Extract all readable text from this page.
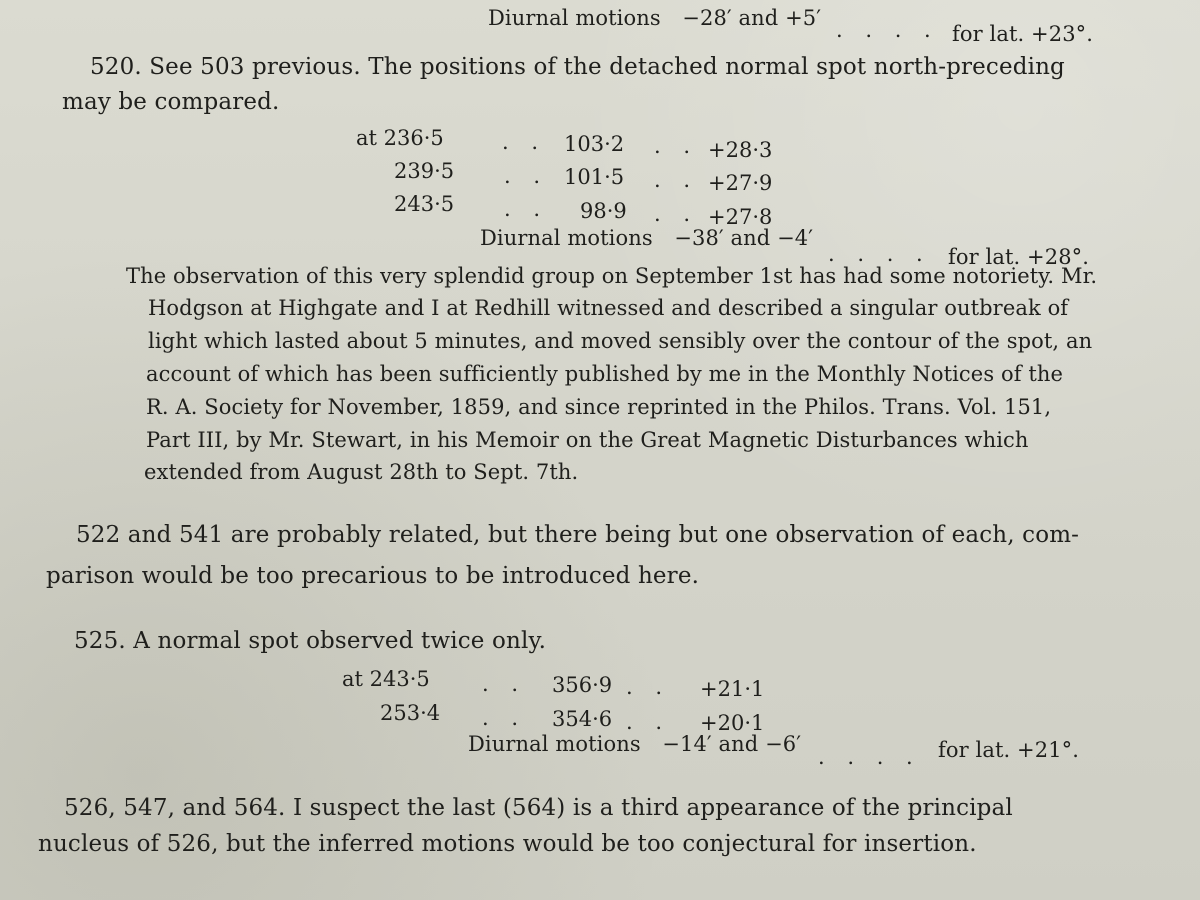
Diurnal motions −28′ and +5′ . . . . for lat. +23°.
520. See 503 previous. The positions of the detached normal spot north-preceding
may be compared.
at 236·5	. . 103·2 . . +28·3
239·5 . . 101·5 . . +27·9
243·5 . . 98·9 . . +27·8
Diurnal motions −38′ and −4′
. . . . for lat. +28°.
The observation of this very splendid group on September 1st has had some notoriety. Mr.
Hodgson at Highgate and I at Redhill witnessed and described a singular outbreak of
light which lasted about 5 minutes, and moved sensibly over the contour of the spot, an
account of which has been sufficiently published by me in the Monthly Notices of the
R. A. Society for November, 1859, and since reprinted in the Philos. Trans. Vol. 151,
Part III, by Mr. Stewart, in his Memoir on the Great Magnetic Disturbances which
extended from August 28th to Sept. 7th.
522 and 541 are probably related, but there being but one observation of each, com-
parison would be too precarious to be introduced here.
525. A normal spot observed twice only.
at 243·5 . . 356·9 . . +21·1
253·4 . . 354·6 . . +20·1
Diurnal motions −14′ and −6′
. . . . for lat. +21°.
526, 547, and 564. I suspect the last (564) is a third appearance of the principal
nucleus of 526, but the inferred motions would be too conjectural for insertion.
